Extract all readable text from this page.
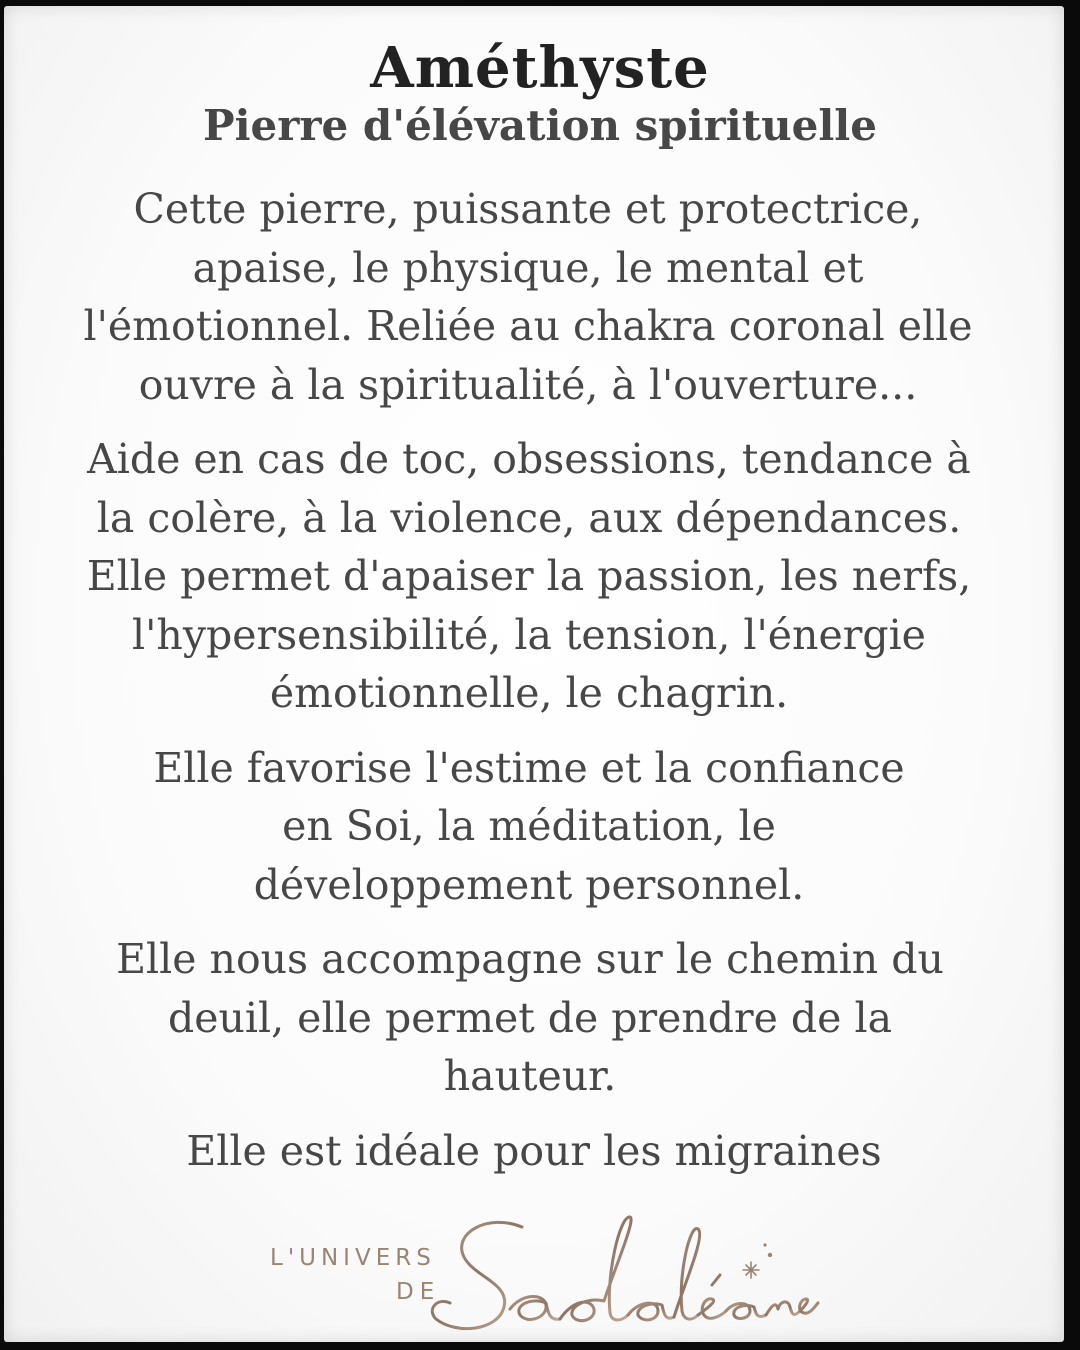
Améthyste
Pierre d'élévation spirituelle

Cette pierre, puissante et protectrice,
apaise, le physique, le mental et
l'émotionnel. Reliée au chakra coronal elle
ouvre à la spiritualité, à l'ouverture...

Aide en cas de toc, obsessions, tendance à
la colère, à la violence, aux dépendances.
Elle permet d'apaiser la passion, les nerfs,
l'hypersensibilité, la tension, l'énergie
émotionnelle, le chagrin.

Elle favorise l'estime et la confiance
en Soi, la méditation, le
développement personnel.

Elle nous accompagne sur le chemin du
deuil, elle permet de prendre de la
hauteur.

Elle est idéale pour les migraines

L'UNIVERS
DE
